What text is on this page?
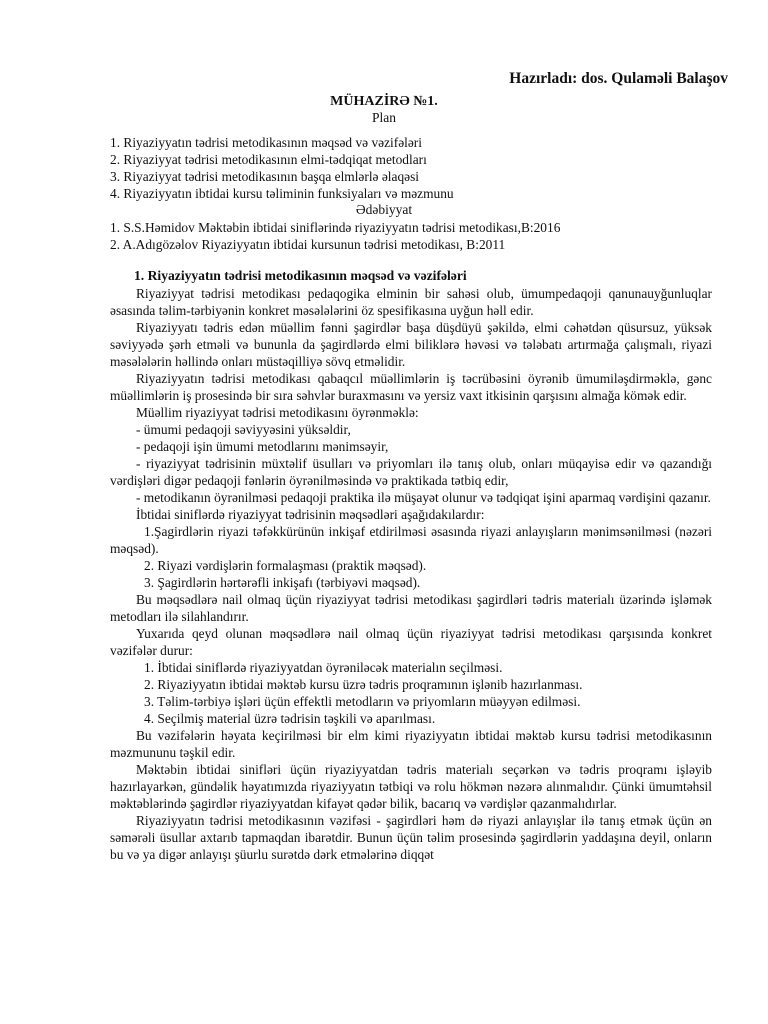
Hazırladı: dos. Qulaməli Balaşov
MÜHAZİRƏ №1.
Plan
1. Riyaziyyatın tədrisi metodikasının məqsəd və vəzifələri
2. Riyaziyyat tədrisi metodikasının elmi-tədqiqat metodları
3. Riyaziyyat tədrisi metodikasının başqa elmlərlə əlaqəsi
4. Riyaziyyatın ibtidai kursu təliminin funksiyaları və məzmunu
Ədəbiyyat
1. S.S.Həmidov Məktəbin ibtidai siniflərində riyaziyyatın tədrisi metodikası,B:2016
2. A.Adıgözəlov Riyaziyyatın ibtidai kursunun tədrisi metodikası, B:2011
1. Riyaziyyatın tədrisi metodikasının məqsəd və vəzifələri

Riyaziyyat tədrisi metodikası pedaqogika elminin bir sahəsi olub, ümumpedaqoji qanunauyğunluqlar əsasında təlim-tərbiyənin konkret məsələlərini öz spesifikasına uyğun həll edir.

Riyaziyyatı tədris edən müəllim fənni şagirdlər başa düşdüyü şəkildə, elmi cəhətdən qüsursuz, yüksək səviyyədə şərh etməli və bununla da şagirdlərdə elmi biliklərə həvəsi və tələbatı artırmağa çalışmalı, riyazi məsələlərin həllində onları müstəqilliyə sövq etməlidir.

Riyaziyyatın tədrisi metodikası qabaqcıl müəllimlərin iş təcrübəsini öyrənib ümumiləşdirməklə, gənc müəllimlərin iş prosesində bir sıra səhvlər buraxmasını və yersiz vaxt itkisinin qarşısını almağa kömək edir.

Müəllim riyaziyyat tədrisi metodikasını öyrənməklə:

- ümumi pedaqoji səviyyəsini yüksəldir,

- pedaqoji işin ümumi metodlarını mənimsəyir,

- riyaziyyat tədrisinin müxtəlif üsulları və priyomları ilə tanış olub, onları müqayisə edir və qazandığı vərdişləri digər pedaqoji fənlərin öyrənilməsində və praktikada tətbiq edir,

- metodikanın öyrənilməsi pedaqoji praktika ilə müşayət olunur və tədqiqat işini aparmaq vərdişini qazanır.

İbtidai siniflərdə riyaziyyat tədrisinin məqsədləri aşağıdakılardır:

1.Şagirdlərin riyazi təfəkkürünün inkişaf etdirilməsi əsasında riyazi anlayışların mənimsənilməsi (nəzəri məqsəd).

2. Riyazi vərdişlərin formalaşması (praktik məqsəd).

3. Şagirdlərin hərtərəfli inkişafı (tərbiyəvi məqsəd).

Bu məqsədlərə nail olmaq üçün riyaziyyat tədrisi metodikası şagirdləri tədris materialı üzərində işləmək metodları ilə silahlandırır.

Yuxarıda qeyd olunan məqsədlərə nail olmaq üçün riyaziyyat tədrisi metodikası qarşısında konkret vəzifələr durur:

1. İbtidai siniflərdə riyaziyyatdan öyrəniləcək materialın seçilməsi.

2. Riyaziyyatın ibtidai məktəb kursu üzrə tədris proqramının işlənib hazırlanması.

3. Təlim-tərbiyə işləri üçün effektli metodların və priyomların müəyyən edilməsi.

4. Seçilmiş material üzrə tədrisin təşkili və aparılması.

Bu vəzifələrin həyata keçirilməsi bir elm kimi riyaziyyatın ibtidai məktəb kursu tədrisi metodikasının məzmununu təşkil edir.

Məktəbin ibtidai sinifləri üçün riyaziyyatdan tədris materialı seçərkən və tədris proqramı işləyib hazırlayarkən, gündəlik həyatımızda riyaziyyatın tətbiqi və rolu hökmən nəzərə alınmalıdır. Çünki ümumtəhsil məktəblərində şagirdlər riyaziyyatdan kifayət qədər bilik, bacarıq və vərdişlər qazanmalıdırlar.

Riyaziyyatın tədrisi metodikasının vəzifəsi - şagirdləri həm də riyazi anlayışlar ilə tanış etmək üçün ən səmərəli üsullar axtarıb tapmaqdan ibarətdir. Bunun üçün təlim prosesində şagirdlərin yaddaşına deyil, onların bu və ya digər anlayışı şüurlu surətdə dərk etmələrinə diqqət
